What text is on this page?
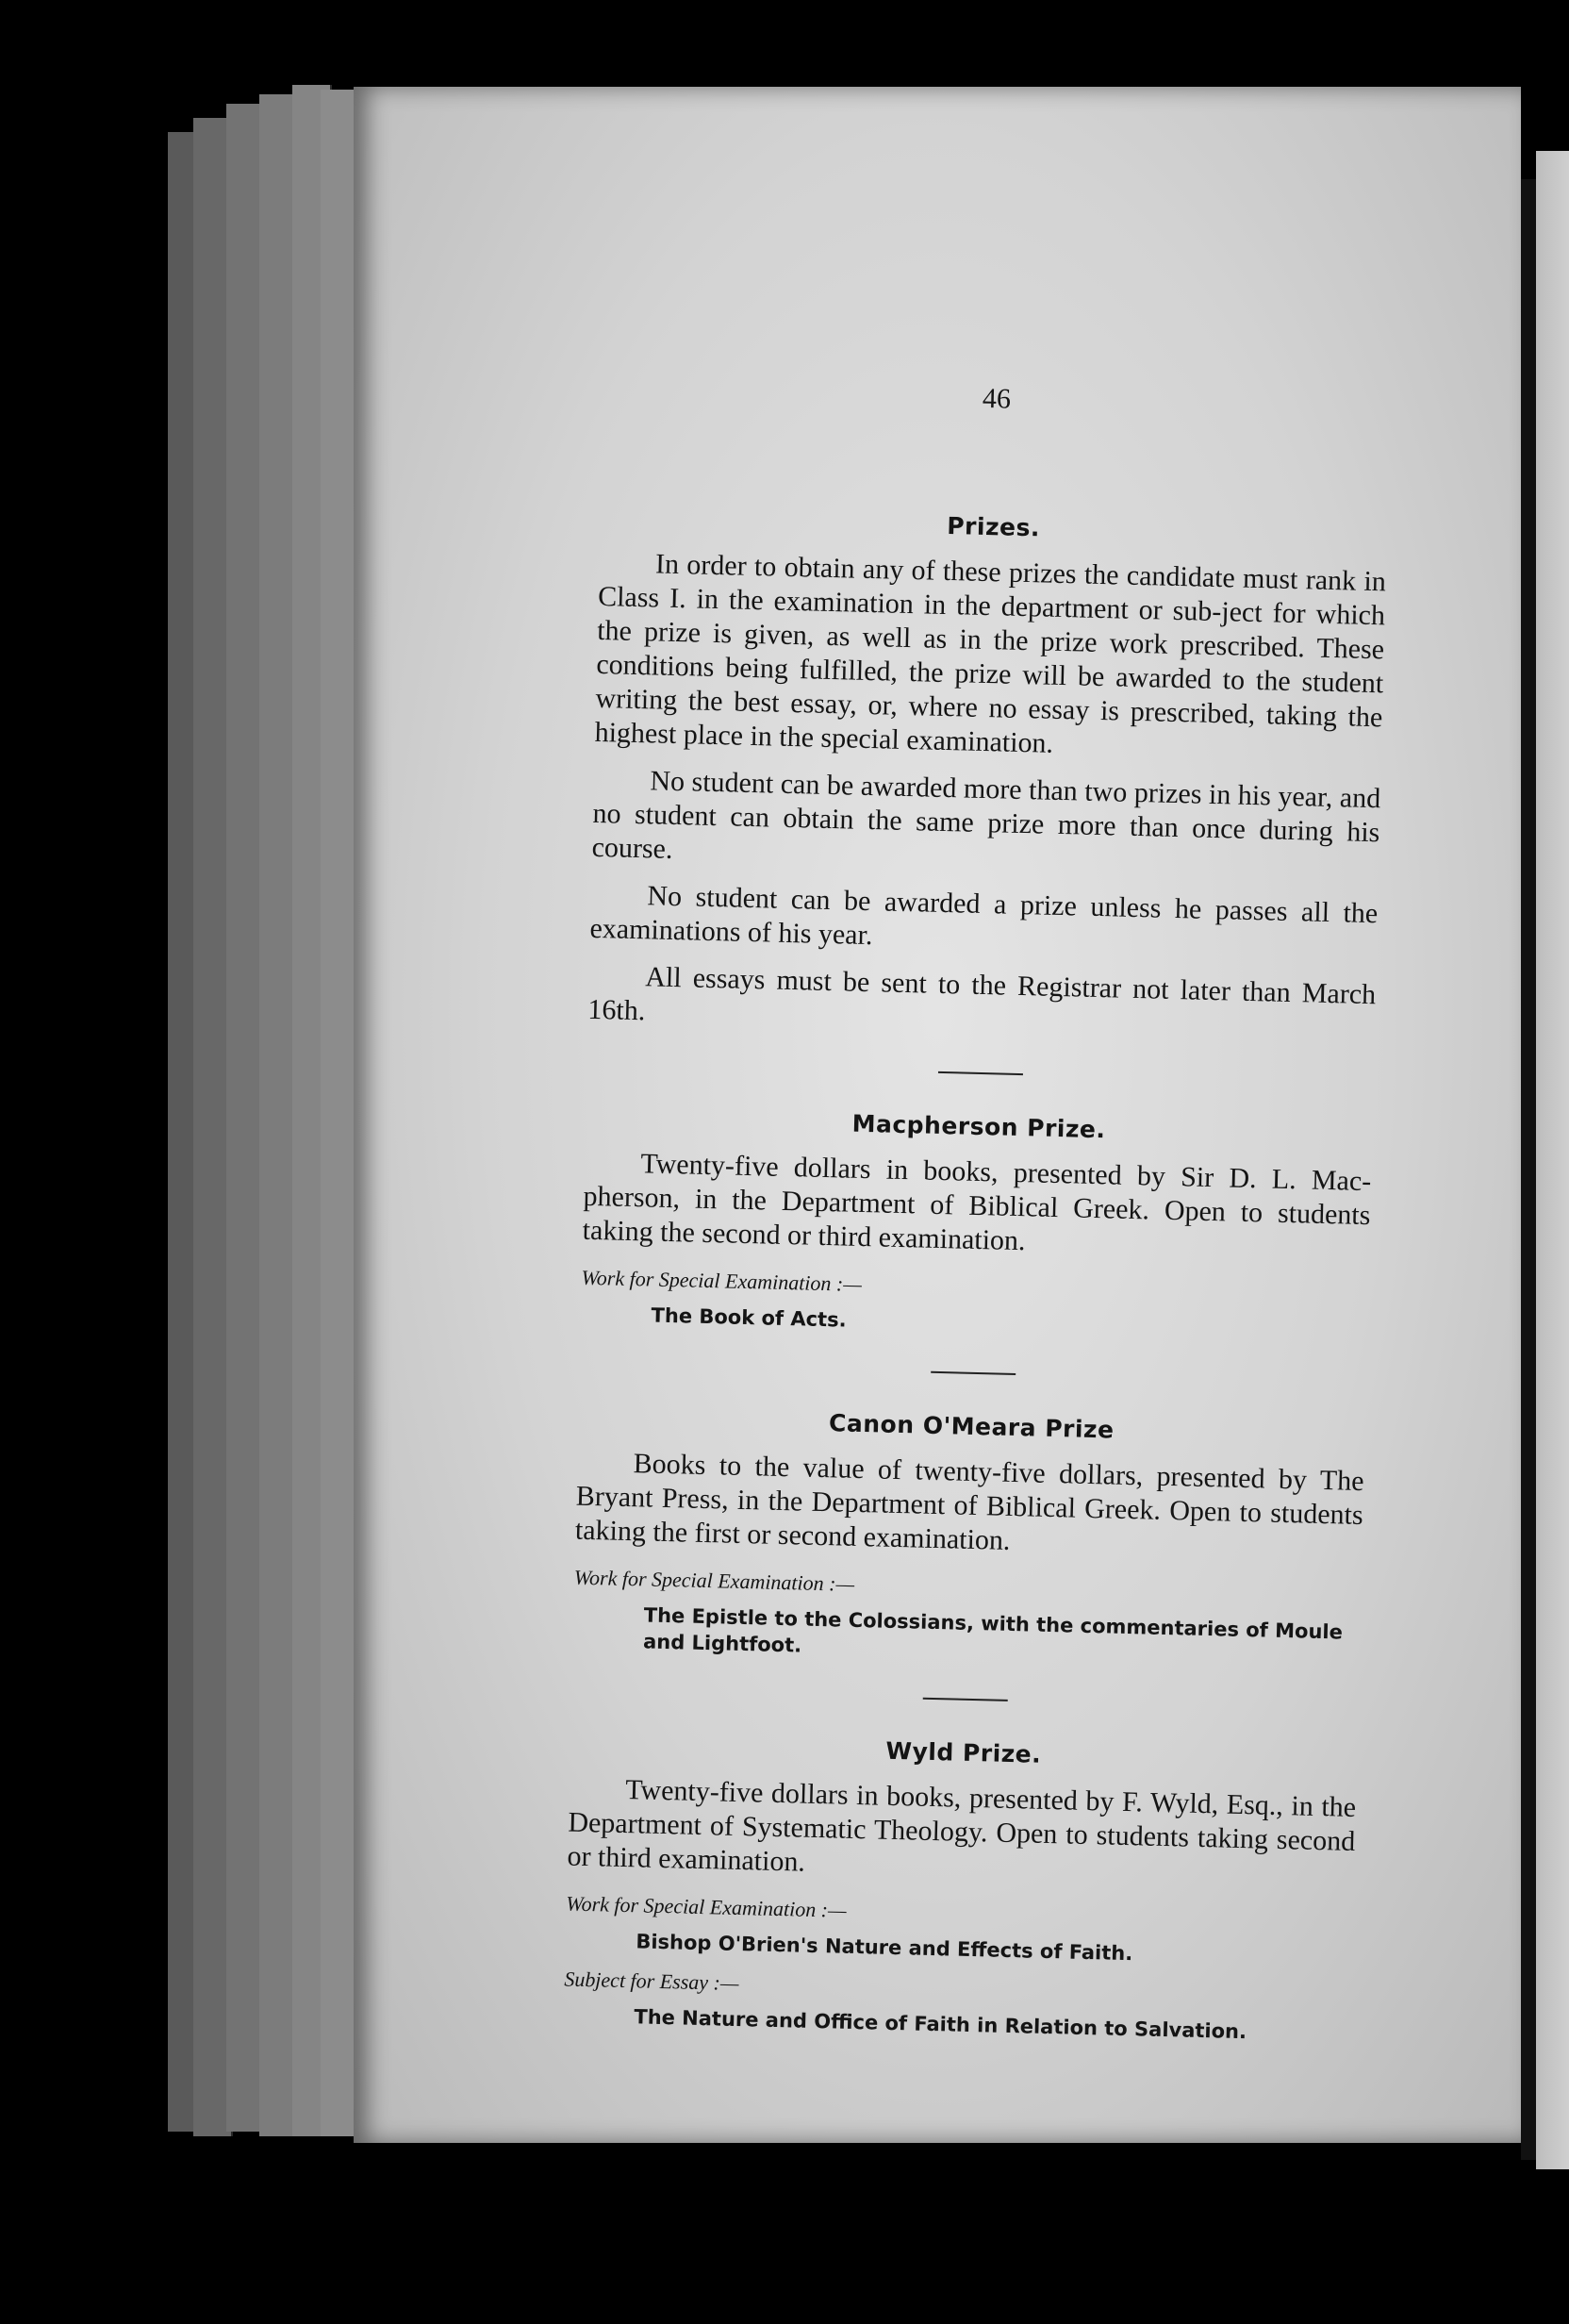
46
Prizes.

In order to obtain any of these prizes the candidate must rank in Class I. in the examination in the department or sub-ject for which the prize is given, as well as in the prize work prescribed. These conditions being fulfilled, the prize will be awarded to the student writing the best essay, or, where no essay is prescribed, taking the highest place in the special examination.

No student can be awarded more than two prizes in his year, and no student can obtain the same prize more than once during his course.

No student can be awarded a prize unless he passes all the examinations of his year.

All essays must be sent to the Registrar not later than March 16th.

Macpherson Prize.

Twenty-five dollars in books, presented by Sir D. L. Mac-pherson, in the Department of Biblical Greek. Open to students taking the second or third examination.

Work for Special Examination :—
The Book of Acts.
Canon O'Meara Prize

Books to the value of twenty-five dollars, presented by The Bryant Press, in the Department of Biblical Greek. Open to students taking the first or second examination.

Work for Special Examination :—
The Epistle to the Colossians, with the commentaries of Moule and Lightfoot.
Wyld Prize.

Twenty-five dollars in books, presented by F. Wyld, Esq., in the Department of Systematic Theology. Open to students taking second or third examination.

Work for Special Examination :—
Bishop O'Brien's Nature and Effects of Faith.
Subject for Essay :—
The Nature and Office of Faith in Relation to Salvation.
